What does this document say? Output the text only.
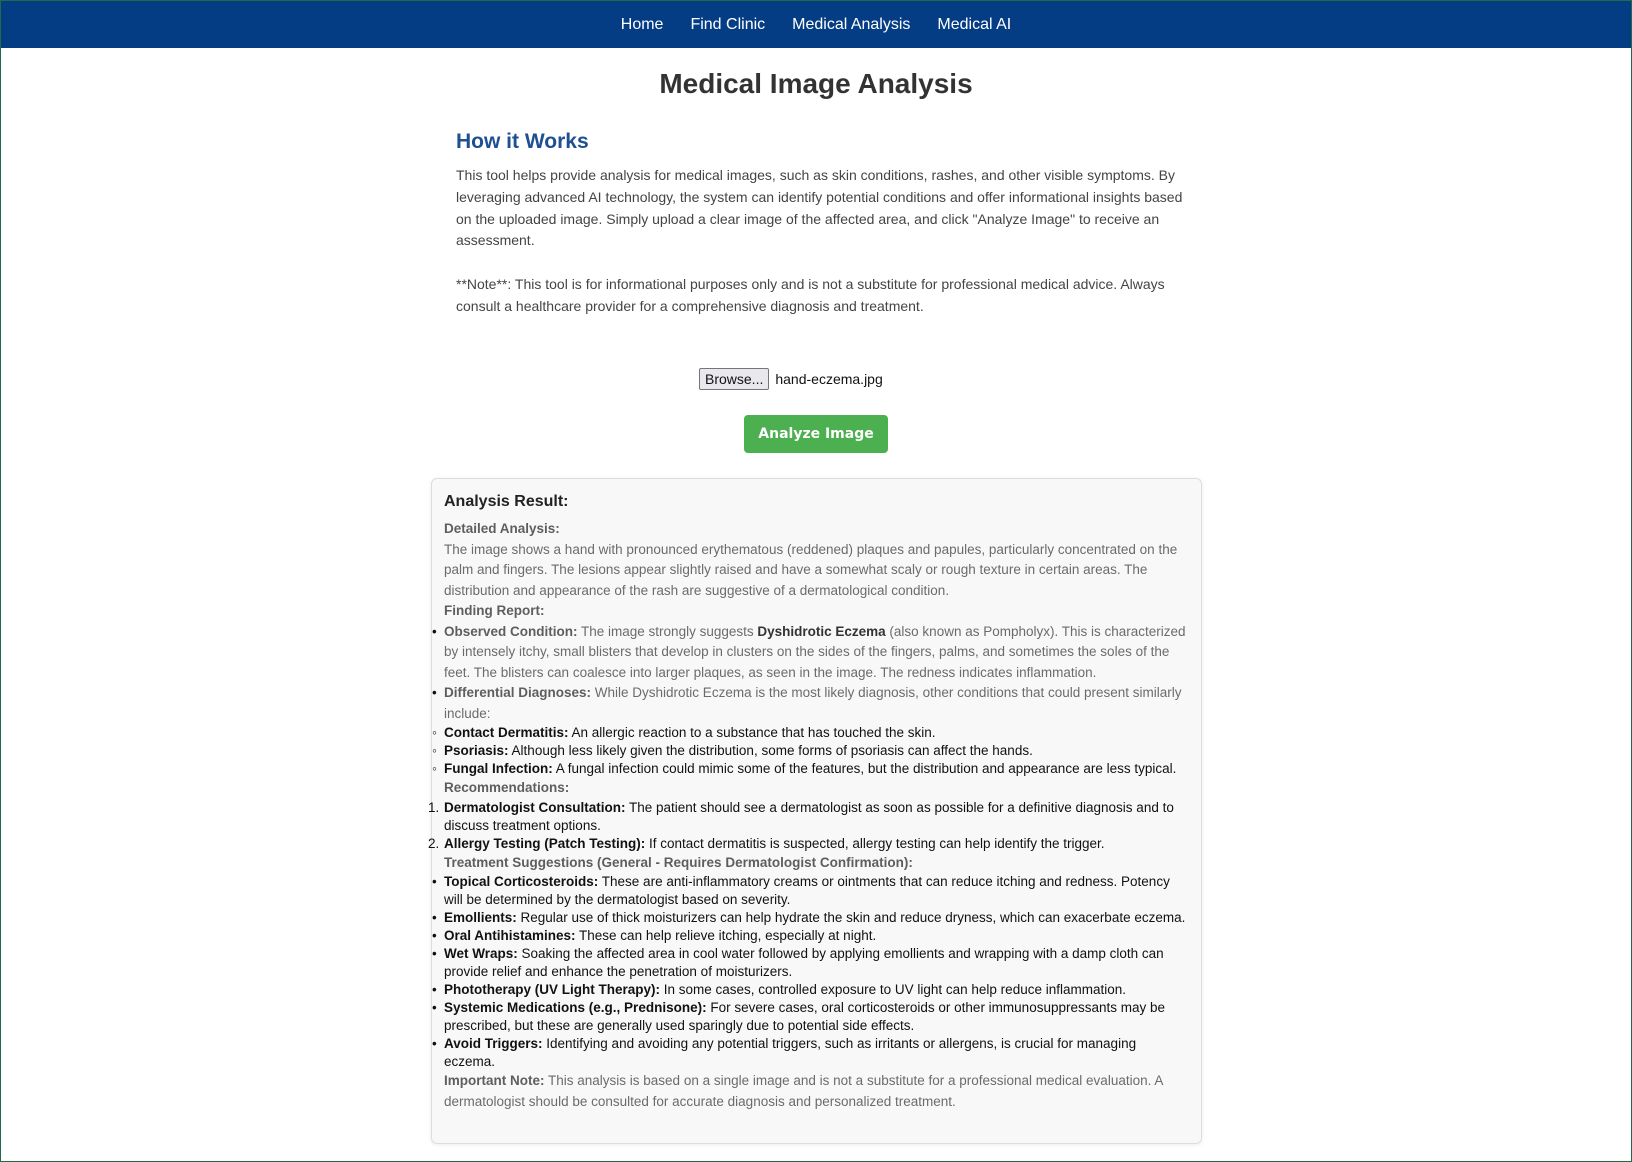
Home Find Clinic Medical Analysis Medical AI
Medical Image Analysis
How it Works

This tool helps provide analysis for medical images, such as skin conditions, rashes, and other visible symptoms. By leveraging advanced AI technology, the system can identify potential conditions and offer informational insights based on the uploaded image. Simply upload a clear image of the affected area, and click "Analyze Image" to receive an assessment.

**Note**: This tool is for informational purposes only and is not a substitute for professional medical advice. Always consult a healthcare provider for a comprehensive diagnosis and treatment.

Browse... hand-eczema.jpg
Analyze Image
Analysis Result:
Detailed Analysis:
The image shows a hand with pronounced erythematous (reddened) plaques and papules, particularly concentrated on the palm and fingers. The lesions appear slightly raised and have a somewhat scaly or rough texture in certain areas. The distribution and appearance of the rash are suggestive of a dermatological condition.
Finding Report:
• Observed Condition: The image strongly suggests Dyshidrotic Eczema (also known as Pompholyx). This is characterized by intensely itchy, small blisters that develop in clusters on the sides of the fingers, palms, and sometimes the soles of the feet. The blisters can coalesce into larger plaques, as seen in the image. The redness indicates inflammation.
• Differential Diagnoses: While Dyshidrotic Eczema is the most likely diagnosis, other conditions that could present similarly include:
◦ Contact Dermatitis: An allergic reaction to a substance that has touched the skin.
◦ Psoriasis: Although less likely given the distribution, some forms of psoriasis can affect the hands.
◦ Fungal Infection: A fungal infection could mimic some of the features, but the distribution and appearance are less typical.
Recommendations:
1. Dermatologist Consultation: The patient should see a dermatologist as soon as possible for a definitive diagnosis and to discuss treatment options.
2. Allergy Testing (Patch Testing): If contact dermatitis is suspected, allergy testing can help identify the trigger.
Treatment Suggestions (General - Requires Dermatologist Confirmation):
• Topical Corticosteroids: These are anti-inflammatory creams or ointments that can reduce itching and redness. Potency will be determined by the dermatologist based on severity.
• Emollients: Regular use of thick moisturizers can help hydrate the skin and reduce dryness, which can exacerbate eczema.
• Oral Antihistamines: These can help relieve itching, especially at night.
• Wet Wraps: Soaking the affected area in cool water followed by applying emollients and wrapping with a damp cloth can provide relief and enhance the penetration of moisturizers.
• Phototherapy (UV Light Therapy): In some cases, controlled exposure to UV light can help reduce inflammation.
• Systemic Medications (e.g., Prednisone): For severe cases, oral corticosteroids or other immunosuppressants may be prescribed, but these are generally used sparingly due to potential side effects.
• Avoid Triggers: Identifying and avoiding any potential triggers, such as irritants or allergens, is crucial for managing eczema.
Important Note: This analysis is based on a single image and is not a substitute for a professional medical evaluation. A dermatologist should be consulted for accurate diagnosis and personalized treatment.
